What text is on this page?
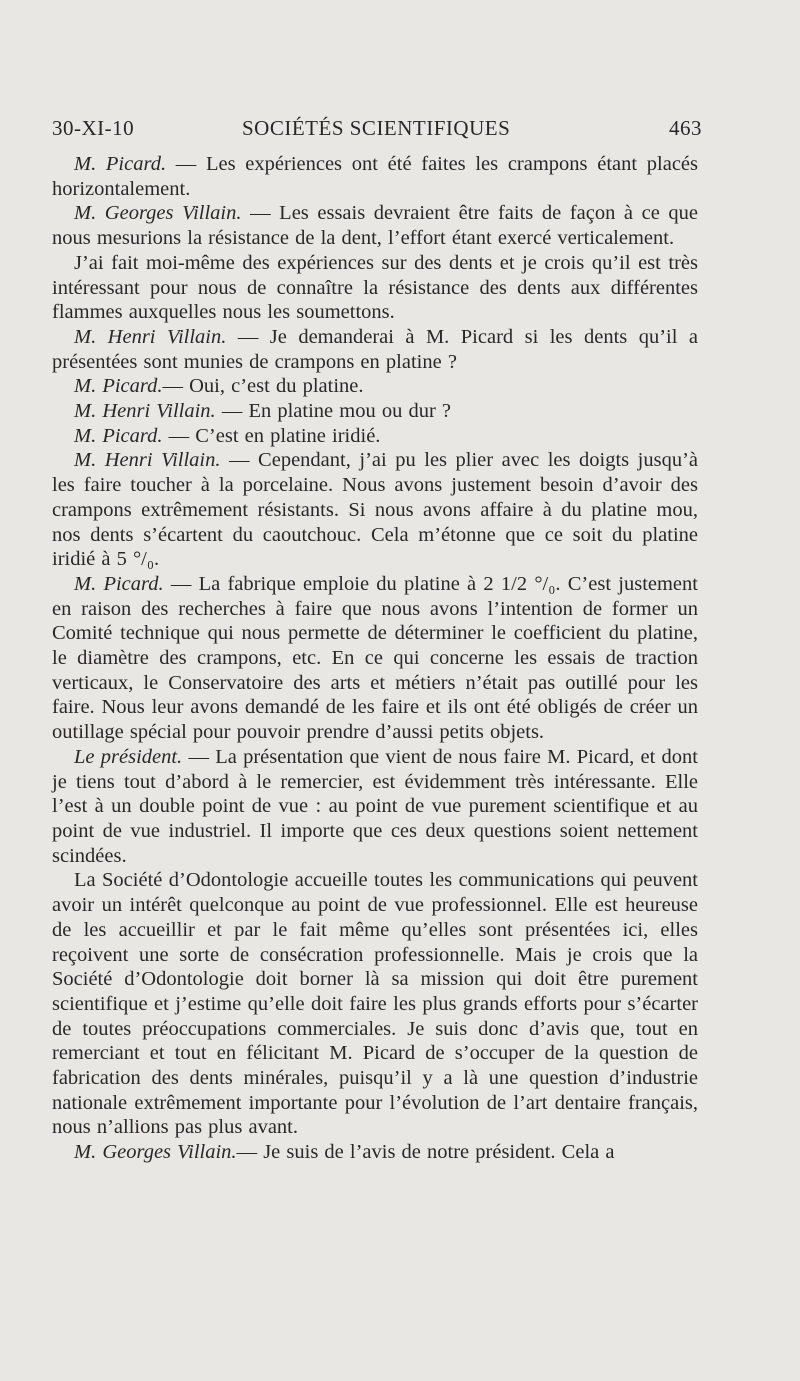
30-XI-10	SOCIÉTÉS SCIENTIFIQUES	463

M. Picard. — Les expériences ont été faites les crampons étant placés horizontalement.

M. Georges Villain. — Les essais devraient être faits de façon à ce que nous mesurions la résistance de la dent, l’effort étant exercé verticalement.

J’ai fait moi-même des expériences sur des dents et je crois qu’il est très intéressant pour nous de connaître la résistance des dents aux différentes flammes auxquelles nous les soumettons.

M. Henri Villain. — Je demanderai à M. Picard si les dents qu’il a présentées sont munies de crampons en platine ?

M. Picard.— Oui, c’est du platine.

M. Henri Villain. — En platine mou ou dur ?

M. Picard. — C’est en platine iridié.

M. Henri Villain. — Cependant, j’ai pu les plier avec les doigts jusqu’à les faire toucher à la porcelaine. Nous avons justement besoin d’avoir des crampons extrêmement résistants. Si nous avons affaire à du platine mou, nos dents s’écartent du caoutchouc. Cela m’étonne que ce soit du platine iridié à 5 °/₀.

M. Picard. — La fabrique emploie du platine à 2 1/2 °/₀. C’est justement en raison des recherches à faire que nous avons l’intention de former un Comité technique qui nous permette de déterminer le coefficient du platine, le diamètre des crampons, etc. En ce qui concerne les essais de traction verticaux, le Conservatoire des arts et métiers n’était pas outillé pour les faire. Nous leur avons demandé de les faire et ils ont été obligés de créer un outillage spécial pour pouvoir prendre d’aussi petits objets.

Le président. — La présentation que vient de nous faire M. Picard, et dont je tiens tout d’abord à le remercier, est évidemment très intéressante. Elle l’est à un double point de vue : au point de vue purement scientifique et au point de vue industriel. Il importe que ces deux questions soient nettement scindées.

La Société d’Odontologie accueille toutes les communications qui peuvent avoir un intérêt quelconque au point de vue professionnel. Elle est heureuse de les accueillir et par le fait même qu’elles sont présentées ici, elles reçoivent une sorte de consécration professionnelle. Mais je crois que la Société d’Odontologie doit borner là sa mission qui doit être purement scientifique et j’estime qu’elle doit faire les plus grands efforts pour s’écarter de toutes préoccupations commerciales. Je suis donc d’avis que, tout en remerciant et tout en félicitant M. Picard de s’occuper de la question de fabrication des dents minérales, puisqu’il y a là une question d’industrie nationale extrêmement importante pour l’évolution de l’art dentaire français, nous n’allions pas plus avant.

M. Georges Villain.— Je suis de l’avis de notre président. Cela a
